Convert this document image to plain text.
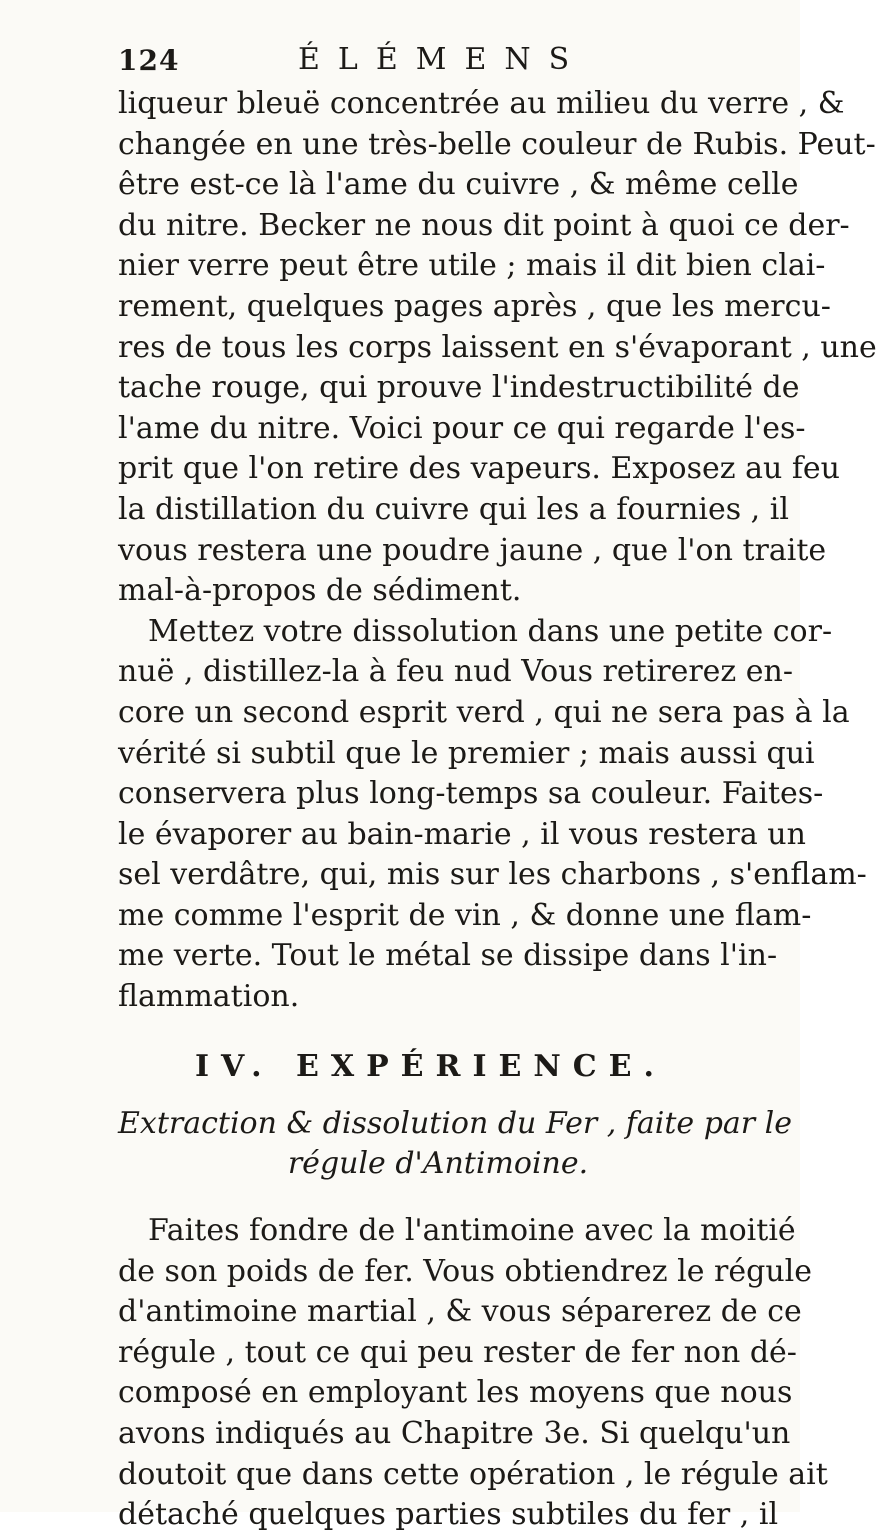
124	ÉLÉMENS
liqueur bleuë concentrée au milieu du verre , &
changée en une très-belle couleur de Rubis. Peut-
être est-ce là l'ame du cuivre , & même celle
du nitre. Becker ne nous dit point à quoi ce der-
nier verre peut être utile ; mais il dit bien clai-
rement, quelques pages après , que les mercu-
res de tous les corps laissent en s'évaporant , une
tache rouge, qui prouve l'indestructibilité de
l'ame du nitre. Voici pour ce qui regarde l'es-
prit que l'on retire des vapeurs. Exposez au feu
la distillation du cuivre qui les a fournies , il
vous restera une poudre jaune , que l'on traite
mal-à-propos de sédiment.
Mettez votre dissolution dans une petite cor-
nuë , distillez-la à feu nud Vous retirerez en-
core un second esprit verd , qui ne sera pas à la
vérité si subtil que le premier ; mais aussi qui
conservera plus long-temps sa couleur. Faites-
le évaporer au bain-marie , il vous restera un
sel verdâtre, qui, mis sur les charbons , s'enflam-
me comme l'esprit de vin , & donne une flam-
me verte. Tout le métal se dissipe dans l'in-
flammation.
IV. EXPÉRIENCE.
Extraction & dissolution du Fer , faite par le
régule d'Antimoine.
Faites fondre de l'antimoine avec la moitié
de son poids de fer. Vous obtiendrez le régule
d'antimoine martial , & vous séparerez de ce
régule , tout ce qui peu rester de fer non dé-
composé en employant les moyens que nous
avons indiqués au Chapitre 3e. Si quelqu'un
doutoit que dans cette opération , le régule ait
détaché quelques parties subtiles du fer , il
